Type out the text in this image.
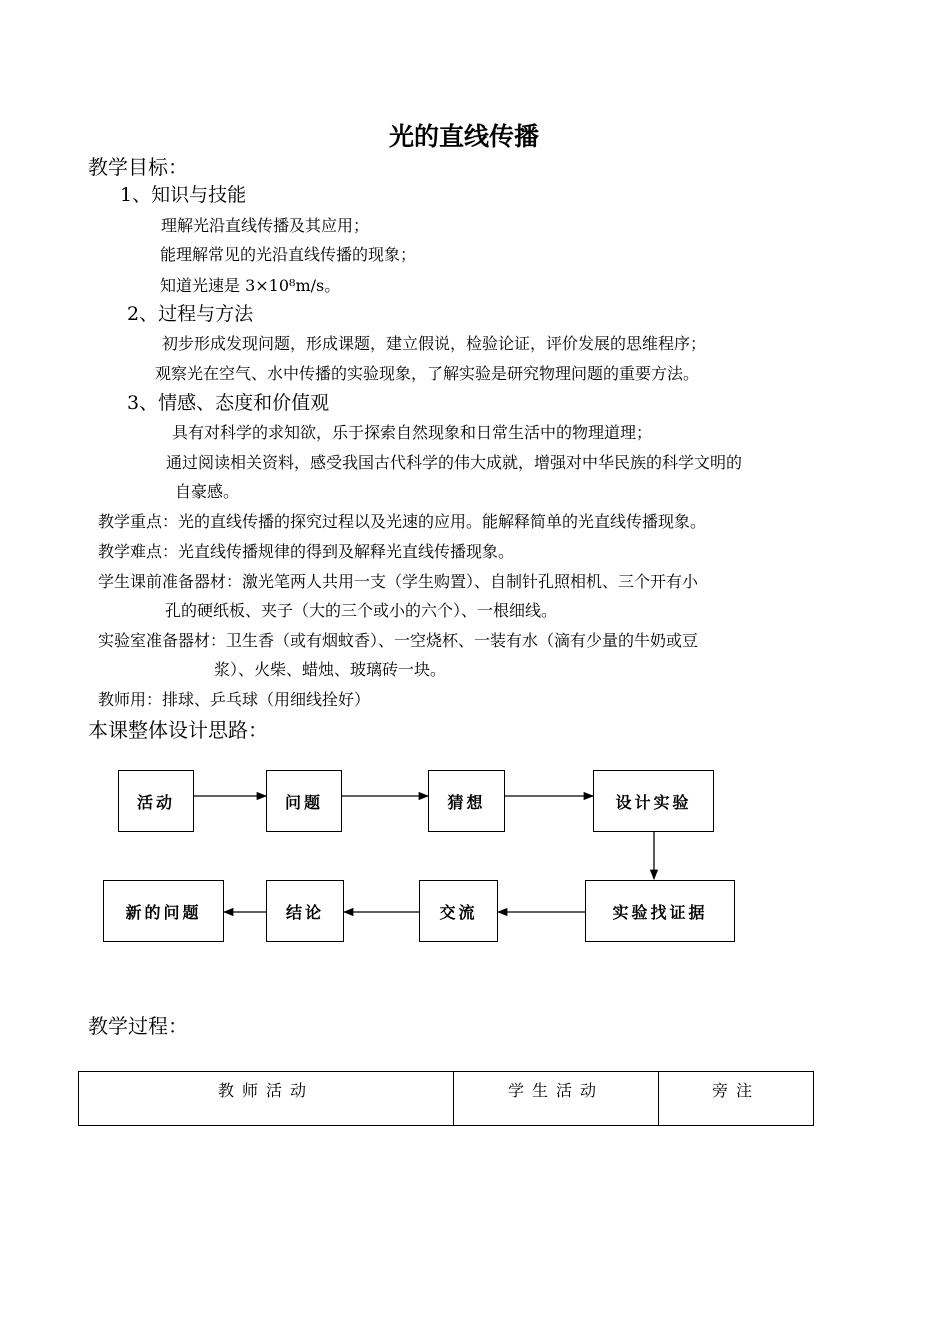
光的直线传播
教学目标：
1、知识与技能
理解光沿直线传播及其应用；
能理解常见的光沿直线传播的现象；
知道光速是 3×10⁸m/s。
2、过程与方法
初步形成发现问题，形成课题，建立假说，检验论证，评价发展的思维程序；
观察光在空气、水中传播的实验现象，了解实验是研究物理问题的重要方法。
3、情感、态度和价值观
具有对科学的求知欲，乐于探索自然现象和日常生活中的物理道理；
通过阅读相关资料，感受我国古代科学的伟大成就，增强对中华民族的科学文明的
自豪感。
教学重点：光的直线传播的探究过程以及光速的应用。能解释简单的光直线传播现象。
教学难点：光直线传播规律的得到及解释光直线传播现象。
学生课前准备器材：激光笔两人共用一支（学生购置）、自制针孔照相机、三个开有小
孔的硬纸板、夹子（大的三个或小的六个）、一根细线。
实验室准备器材：卫生香（或有烟蚊香）、一空烧杯、一装有水（滴有少量的牛奶或豆
浆）、火柴、蜡烛、玻璃砖一块。
教师用：排球、乒乓球（用细线拴好）
本课整体设计思路：
活动	问题	猜想	设计实验
实验找证据
交流
结论
新的问题
教学过程：
教师活动	学生活动	旁注
